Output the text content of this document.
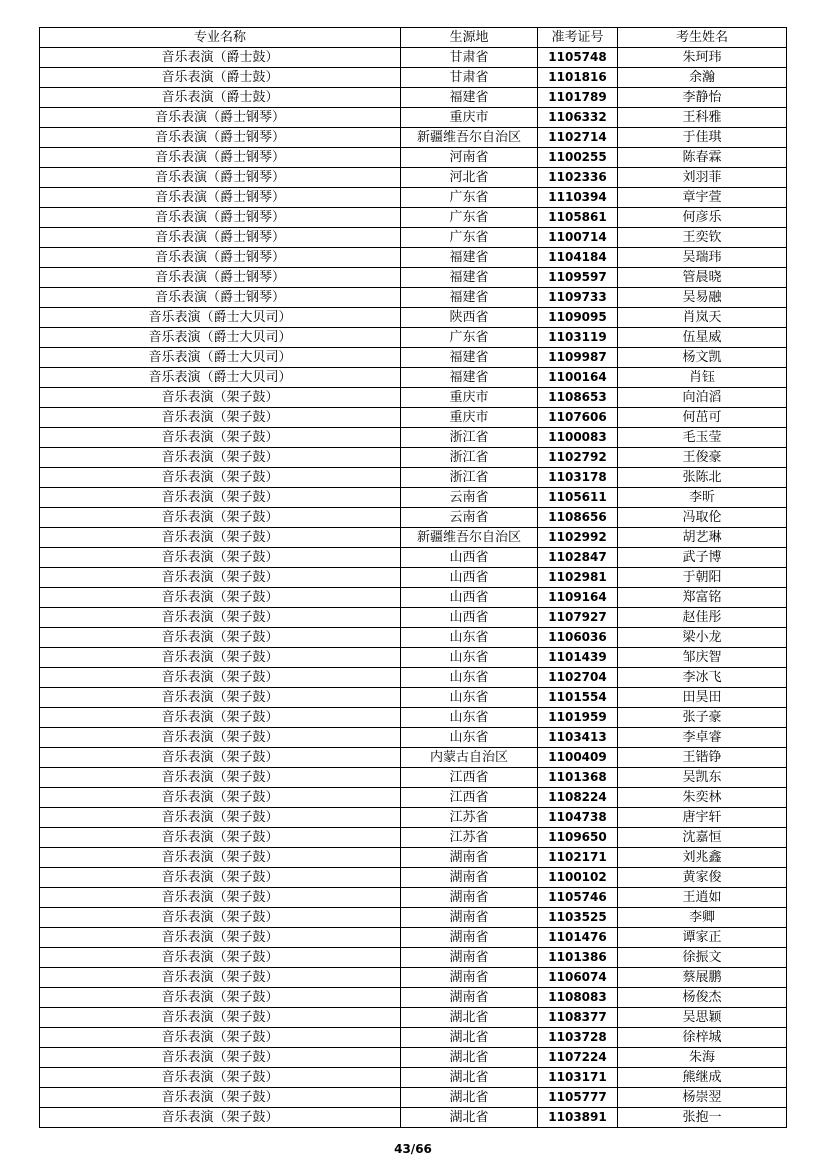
专业名称	生源地	准考证号	考生姓名
音乐表演（爵士鼓）	甘肃省	1105748	朱珂玮
音乐表演（爵士鼓）	甘肃省	1101816	余瀚
音乐表演（爵士鼓）	福建省	1101789	李静怡
音乐表演（爵士钢琴）	重庆市	1106332	王科雅
音乐表演（爵士钢琴）	新疆维吾尔自治区	1102714	于佳琪
音乐表演（爵士钢琴）	河南省	1100255	陈春霖
音乐表演（爵士钢琴）	河北省	1102336	刘羽菲
音乐表演（爵士钢琴）	广东省	1110394	章宇萱
音乐表演（爵士钢琴）	广东省	1105861	何彦乐
音乐表演（爵士钢琴）	广东省	1100714	王奕钦
音乐表演（爵士钢琴）	福建省	1104184	吴瑞玮
音乐表演（爵士钢琴）	福建省	1109597	管晨晓
音乐表演（爵士钢琴）	福建省	1109733	吴易融
音乐表演（爵士大贝司）	陕西省	1109095	肖岚天
音乐表演（爵士大贝司）	广东省	1103119	伍星威
音乐表演（爵士大贝司）	福建省	1109987	杨文凯
音乐表演（爵士大贝司）	福建省	1100164	肖钰
音乐表演（架子鼓）	重庆市	1108653	向泊滔
音乐表演（架子鼓）	重庆市	1107606	何茁可
音乐表演（架子鼓）	浙江省	1100083	毛玉莹
音乐表演（架子鼓）	浙江省	1102792	王俊豪
音乐表演（架子鼓）	浙江省	1103178	张陈北
音乐表演（架子鼓）	云南省	1105611	李昕
音乐表演（架子鼓）	云南省	1108656	冯取伦
音乐表演（架子鼓）	新疆维吾尔自治区	1102992	胡艺琳
音乐表演（架子鼓）	山西省	1102847	武子博
音乐表演（架子鼓）	山西省	1102981	于朝阳
音乐表演（架子鼓）	山西省	1109164	郑富铭
音乐表演（架子鼓）	山西省	1107927	赵佳彤
音乐表演（架子鼓）	山东省	1106036	梁小龙
音乐表演（架子鼓）	山东省	1101439	邹庆智
音乐表演（架子鼓）	山东省	1102704	李冰飞
音乐表演（架子鼓）	山东省	1101554	田昊田
音乐表演（架子鼓）	山东省	1101959	张子豪
音乐表演（架子鼓）	山东省	1103413	李卓睿
音乐表演（架子鼓）	内蒙古自治区	1100409	王锴铮
音乐表演（架子鼓）	江西省	1101368	吴凯东
音乐表演（架子鼓）	江西省	1108224	朱奕林
音乐表演（架子鼓）	江苏省	1104738	唐宇轩
音乐表演（架子鼓）	江苏省	1109650	沈嘉恒
音乐表演（架子鼓）	湖南省	1102171	刘兆鑫
音乐表演（架子鼓）	湖南省	1100102	黄家俊
音乐表演（架子鼓）	湖南省	1105746	王逍如
音乐表演（架子鼓）	湖南省	1103525	李卿
音乐表演（架子鼓）	湖南省	1101476	谭家正
音乐表演（架子鼓）	湖南省	1101386	徐振文
音乐表演（架子鼓）	湖南省	1106074	蔡展鹏
音乐表演（架子鼓）	湖南省	1108083	杨俊杰
音乐表演（架子鼓）	湖北省	1108377	吴思颖
音乐表演（架子鼓）	湖北省	1103728	徐梓城
音乐表演（架子鼓）	湖北省	1107224	朱海
音乐表演（架子鼓）	湖北省	1103171	熊继成
音乐表演（架子鼓）	湖北省	1105777	杨崇翌
音乐表演（架子鼓）	湖北省	1103891	张抱一
43/66
